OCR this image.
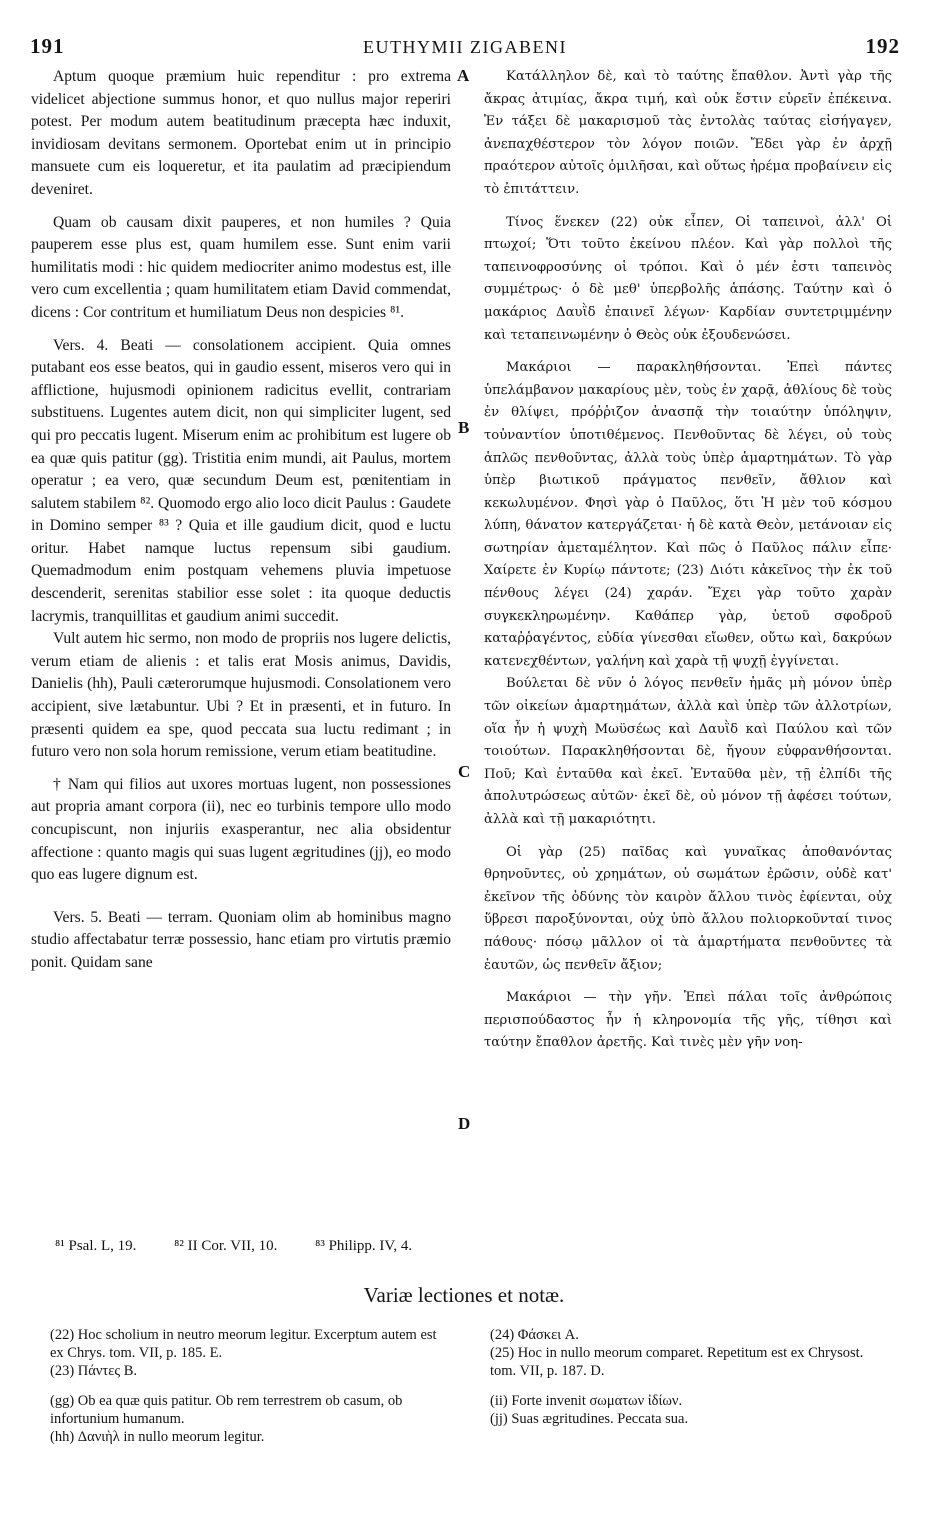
191	EUTHYMII ZIGABENI	192

Aptum quoque præmium huic rependitur : pro extrema videlicet abjectione summus honor, et quo nullus major reperiri potest. Per modum autem beatitudinum præcepta hæc induxit, invidiosam devitans sermonem. Oportebat enim ut in principio mansuete cum eis loqueretur, et ita paulatim ad præcipiendum deveniret.

Quam ob causam dixit pauperes, et non humiles ? Quia pauperem esse plus est, quam humilem esse. Sunt enim varii humilitatis modi : hic quidem mediocriter animo modestus est, ille vero cum excellentia ; quam humilitatem etiam David commendat, dicens : Cor contritum et humiliatum Deus non despicies ⁸¹.

Vers. 4. Beati — consolationem accipient. Quia omnes putabant eos esse beatos, qui in gaudio essent, miseros vero qui in afflictione, hujusmodi opinionem radicitus evellit, contrariam substituens. Lugentes autem dicit, non qui simpliciter lugent, sed qui pro peccatis lugent. Miserum enim ac prohibitum est lugere ob ea quæ quis patitur (gg). Tristitia enim mundi, ait Paulus, mortem operatur ; ea vero, quæ secundum Deum est, pœnitentiam in salutem stabilem ⁸². Quomodo ergo alio loco dicit Paulus : Gaudete in Domino semper ⁸³ ? Quia et ille gaudium dicit, quod e luctu oritur. Habet namque luctus repensum sibi gaudium. Quemadmodum enim postquam vehemens pluvia impetuose descenderit, serenitas stabilior esse solet : ita quoque deductis lacrymis, tranquillitas et gaudium animi succedit.

Vult autem hic sermo, non modo de propriis nos lugere delictis, verum etiam de alienis : et talis erat Mosis animus, Davidis, Danielis (hh), Pauli cæterorumque hujusmodi. Consolationem vero accipient, sive lætabuntur. Ubi ? Et in præsenti, et in futuro. In præsenti quidem ea spe, quod peccata sua luctu redimant ; in futuro vero non sola horum remissione, verum etiam beatitudine.

† Nam qui filios aut uxores mortuas lugent, non possessiones aut propria amant corpora (ii), nec eo turbinis tempore ullo modo concupiscunt, non injuriis exasperantur, nec alia obsidentur affectione : quanto magis qui suas lugent ægritudines (jj), eo modo quo eas lugere dignum est.

Vers. 5. Beati — terram. Quoniam olim ab hominibus magno studio affectabatur terræ possessio, hanc etiam pro virtutis præmio ponit. Quidam sane

A
B
C
D

Κατάλληλον δὲ, καὶ τὸ ταύτης ἔπαθλον. Ἀντὶ γὰρ τῆς ἄκρας ἀτιμίας, ἄκρα τιμή, καὶ οὐκ ἔστιν εὑρεῖν ἐπέκεινα. Ἐν τάξει δὲ μακαρισμοῦ τὰς ἐντολὰς ταύτας εἰσήγαγεν, ἀνεπαχθέστερον τὸν λόγον ποιῶν. Ἔδει γὰρ ἐν ἀρχῇ πραότερον αὐτοῖς ὁμιλῆσαι, καὶ οὕτως ἠρέμα προβαίνειν εἰς τὸ ἐπιτάττειν.

Τίνος ἕνεκεν (22) οὐκ εἶπεν, Οἱ ταπεινοὶ, ἀλλ' Οἱ πτωχοί; Ὅτι τοῦτο ἐκείνου πλέον. Καὶ γὰρ πολλοὶ τῆς ταπεινοφροσύνης οἱ τρόποι. Καὶ ὁ μέν ἐστι ταπεινὸς συμμέτρως· ὁ δὲ μεθ' ὑπερβολῆς ἁπάσης. Ταύτην καὶ ὁ μακάριος Δαυῒδ ἐπαινεῖ λέγων· Καρδίαν συντετριμμένην καὶ τεταπεινωμένην ὁ Θεὸς οὐκ ἐξουδενώσει.

Μακάριοι — παρακληθήσονται. Ἐπεὶ πάντες ὑπελάμβανον μακαρίους μὲν, τοὺς ἐν χαρᾷ, ἀθλίους δὲ τοὺς ἐν θλίψει, πρόῤῥιζον ἀνασπᾷ τὴν τοιαύτην ὑπόληψιν, τοὐναντίον ὑποτιθέμενος. Πενθοῦντας δὲ λέγει, οὐ τοὺς ἁπλῶς πενθοῦντας, ἀλλὰ τοὺς ὑπὲρ ἁμαρτημάτων. Τὸ γὰρ ὑπὲρ βιωτικοῦ πράγματος πενθεῖν, ἄθλιον καὶ κεκωλυμένον. Φησὶ γὰρ ὁ Παῦλος, ὅτι Ἡ μὲν τοῦ κόσμου λύπη, θάνατον κατεργάζεται· ἡ δὲ κατὰ Θεὸν, μετάνοιαν εἰς σωτηρίαν ἀμεταμέλητον. Καὶ πῶς ὁ Παῦλος πάλιν εἶπε· Χαίρετε ἐν Κυρίῳ πάντοτε; (23) Διότι κἀκεῖνος τὴν ἐκ τοῦ πένθους λέγει (24) χαράν. Ἔχει γὰρ τοῦτο χαρὰν συγκεκληρωμένην. Καθάπερ γὰρ, ὑετοῦ σφοδροῦ καταῤῥαγέντος, εὐδία γίνεσθαι εἴωθεν, οὕτω καὶ, δακρύων κατενεχθέντων, γαλήνη καὶ χαρὰ τῇ ψυχῇ ἐγγίνεται.

Βούλεται δὲ νῦν ὁ λόγος πενθεῖν ἡμᾶς μὴ μόνον ὑπὲρ τῶν οἰκείων ἁμαρτημάτων, ἀλλὰ καὶ ὑπὲρ τῶν ἀλλοτρίων, οἵα ἦν ἡ ψυχὴ Μωϋσέως καὶ Δαυῒδ καὶ Παύλου καὶ τῶν τοιούτων. Παρακληθήσονται δὲ, ἤγουν εὐφρανθήσονται. Ποῦ; Καὶ ἐνταῦθα καὶ ἐκεῖ. Ἐνταῦθα μὲν, τῇ ἐλπίδι τῆς ἀπολυτρώσεως αὐτῶν· ἐκεῖ δὲ, οὐ μόνον τῇ ἀφέσει τούτων, ἀλλὰ καὶ τῇ μακαριότητι.

Οἱ γὰρ (25) παῖδας καὶ γυναῖκας ἀποθανόντας θρηνοῦντες, οὐ χρημάτων, οὐ σωμάτων ἐρῶσιν, οὐδὲ κατ' ἐκεῖνον τῆς ὀδύνης τὸν καιρὸν ἄλλου τινὸς ἐφίενται, οὐχ ὕβρεσι παροξύνονται, οὐχ ὑπὸ ἄλλου πολιορκοῦνταί τινος πάθους· πόσῳ μᾶλλον οἱ τὰ ἁμαρτήματα πενθοῦντες τὰ ἑαυτῶν, ὡς πενθεῖν ἄξιον;

Μακάριοι — τὴν γῆν. Ἐπεὶ πάλαι τοῖς ἀνθρώποις περισπούδαστος ἦν ἡ κληρονομία τῆς γῆς, τίθησι καὶ ταύτην ἔπαθλον ἀρετῆς. Καὶ τινὲς μὲν γῆν νοη-

⁸¹ Psal. L, 19.	⁸² II Cor. VII, 10.	⁸³ Philipp. IV, 4.
Variæ lectiones et notæ.

(22) Hoc scholium in neutro meorum legitur. Excerptum autem est ex Chrys. tom. VII, p. 185. E.

(23) Πάντες B.

(gg) Ob ea quæ quis patitur. Ob rem terrestrem ob casum, ob infortunium humanum.

(hh) Δανιὴλ in nullo meorum legitur.

(24) Φάσκει A.

(25) Hoc in nullo meorum comparet. Repetitum est ex Chrysost. tom. VII, p. 187. D.

(ii) Forte invenit σωματων ἰδίων.

(jj) Suas ægritudines. Peccata sua.
